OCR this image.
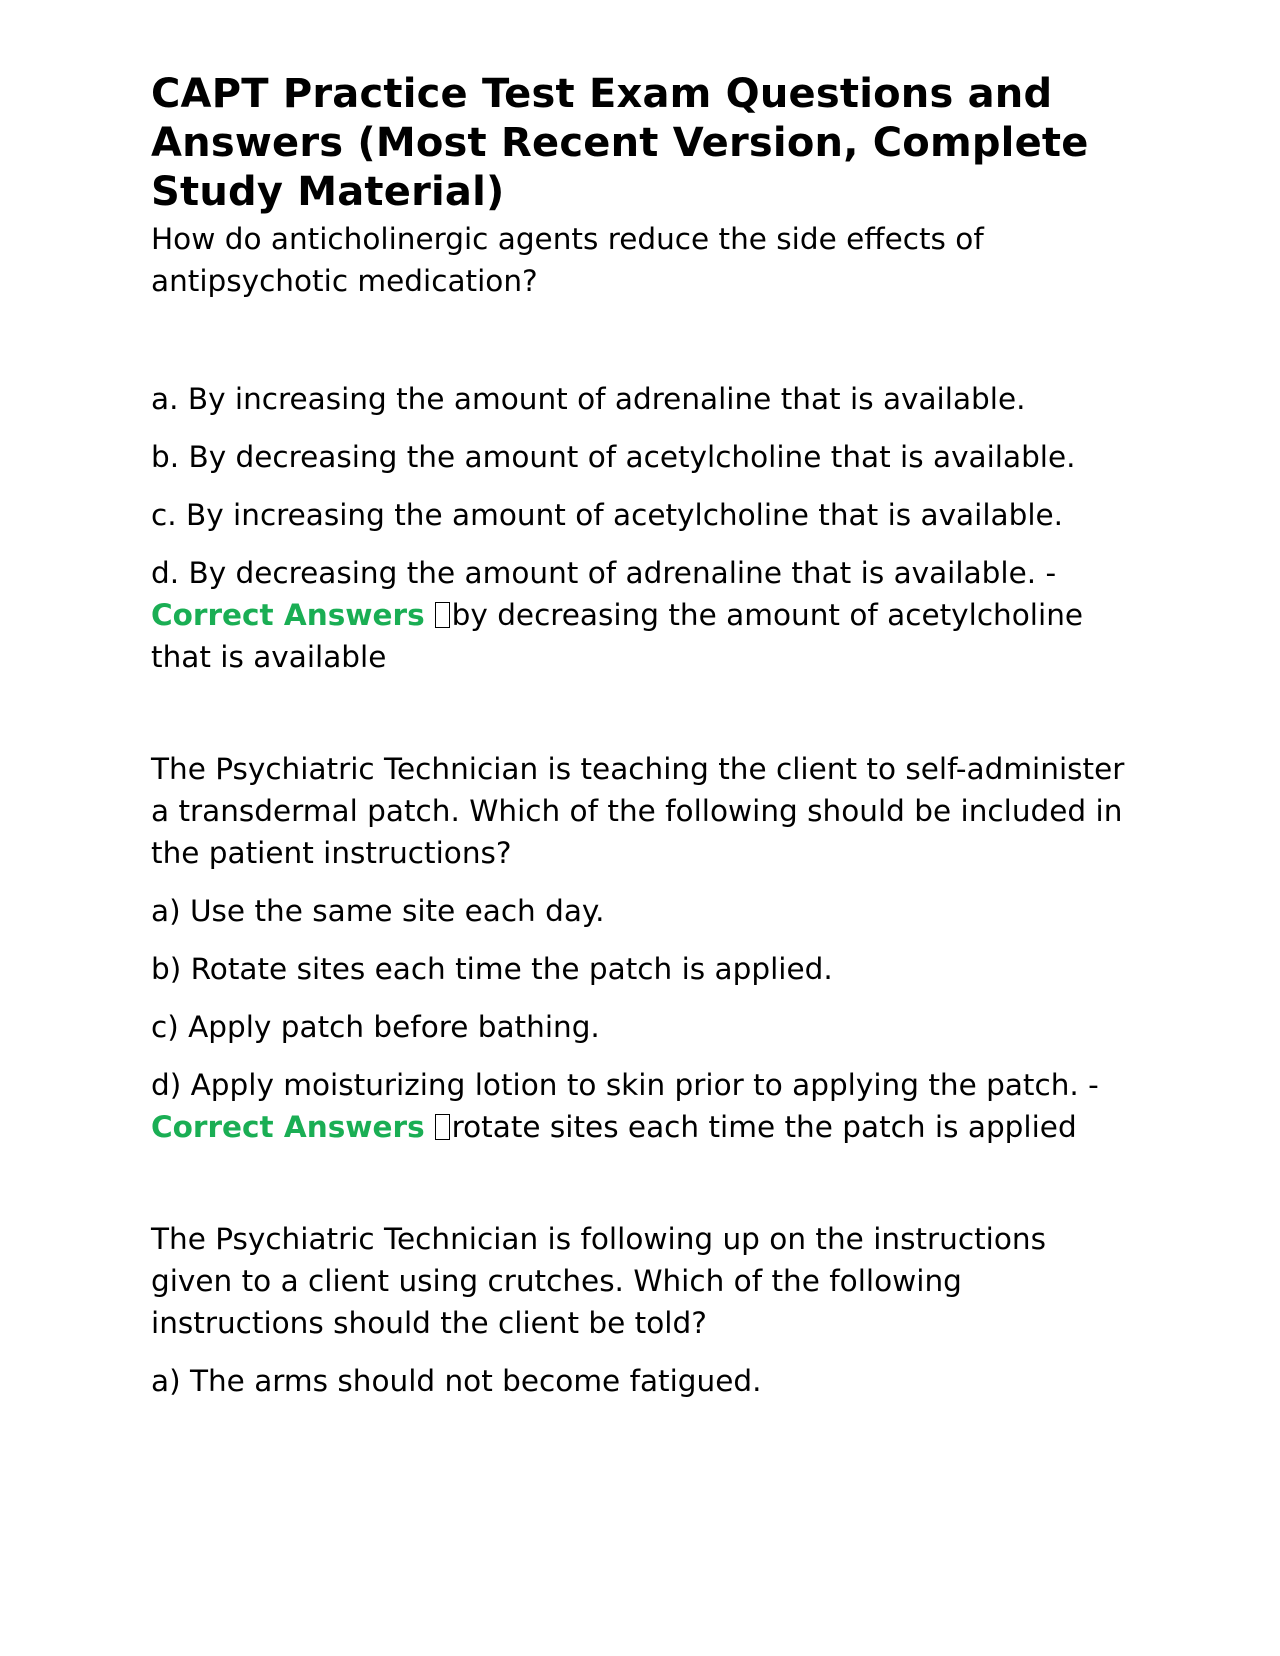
CAPT Practice Test Exam Questions and Answers (Most Recent Version, Complete Study Material)

How do anticholinergic agents reduce the side effects of antipsychotic medication?

a. By increasing the amount of adrenaline that is available.

b. By decreasing the amount of acetylcholine that is available.

c. By increasing the amount of acetylcholine that is available.

d. By decreasing the amount of adrenaline that is available. - Correct Answers by decreasing the amount of acetylcholine that is available

The Psychiatric Technician is teaching the client to self-administer a transdermal patch. Which of the following should be included in the patient instructions?

a) Use the same site each day.

b) Rotate sites each time the patch is applied.

c) Apply patch before bathing.

d) Apply moisturizing lotion to skin prior to applying the patch. - Correct Answers rotate sites each time the patch is applied

The Psychiatric Technician is following up on the instructions given to a client using crutches. Which of the following instructions should the client be told?

a) The arms should not become fatigued.
